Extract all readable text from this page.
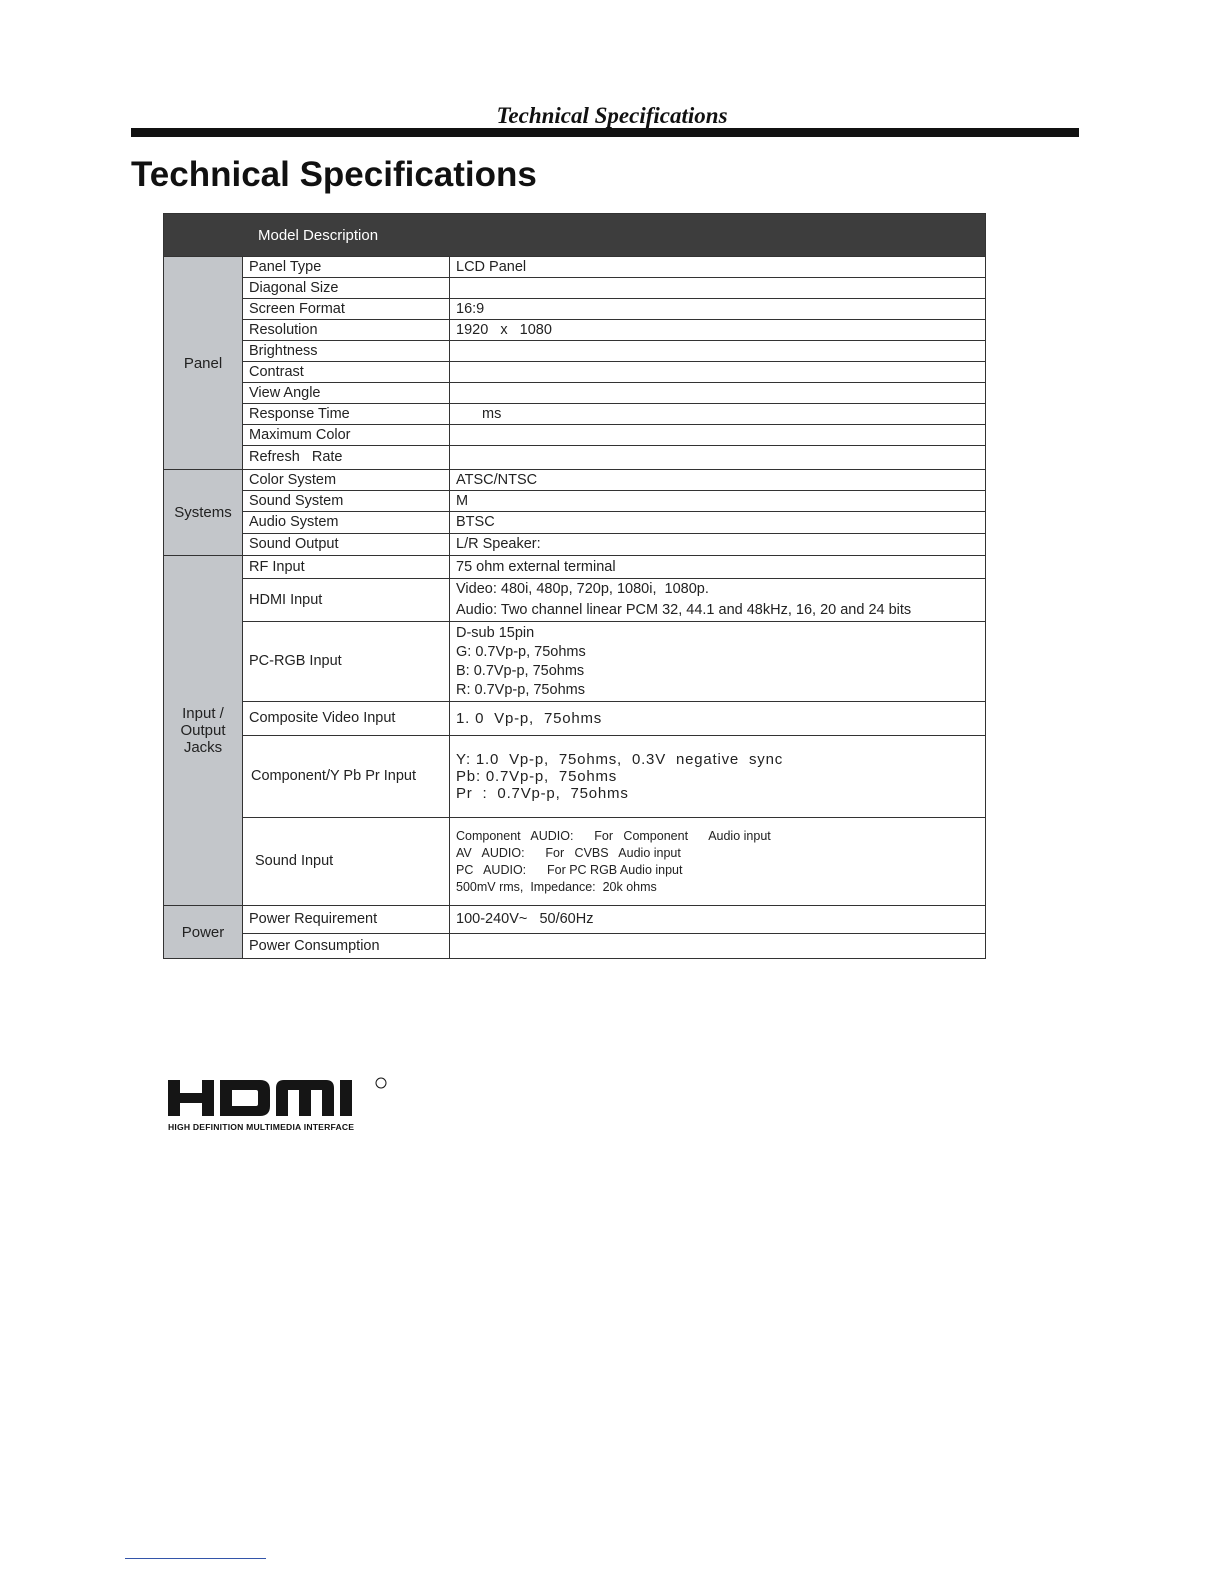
Technical Specifications
Technical Specifications
Model Description		
Panel	Panel Type	LCD Panel
	Diagonal Size	
	Screen Format	16:9
	Resolution	1920   x   1080
	Brightness	
	Contrast	
	View Angle	
	Response Time	ms
	Maximum Color	
	Refresh   Rate	
Systems	Color System	ATSC/NTSC
	Sound System	M
	Audio System	BTSC
	Sound Output	L/R Speaker:
Input / Output Jacks	RF Input	75 ohm external terminal
	HDMI Input	Video: 480i, 480p, 720p, 1080i,  1080p.
Audio: Two channel linear PCM 32, 44.1 and 48kHz, 16, 20 and 24 bits

	PC-RGB Input	D-sub 15pin
G: 0.7Vp-p, 75ohms
B: 0.7Vp-p, 75ohms
R: 0.7Vp-p, 75ohms

	Composite Video Input	1. 0  Vp-p,  75ohms
	Component/Y Pb Pr Input	Y: 1.0  Vp-p,  75ohms,  0.3V  negative  sync
Pb: 0.7Vp-p,  75ohms
Pr  :  0.7Vp-p,  75ohms

	Sound Input	Component   AUDIO:      For   Component      Audio input
AV   AUDIO:      For   CVBS   Audio input
PC   AUDIO:      For PC RGB Audio input
500mV rms,  Impedance:  20k ohms

Power	Power Requirement	100-240V~   50/60Hz
	Power Consumption	
HIGH DEFINITION MULTIMEDIA INTERFACE
